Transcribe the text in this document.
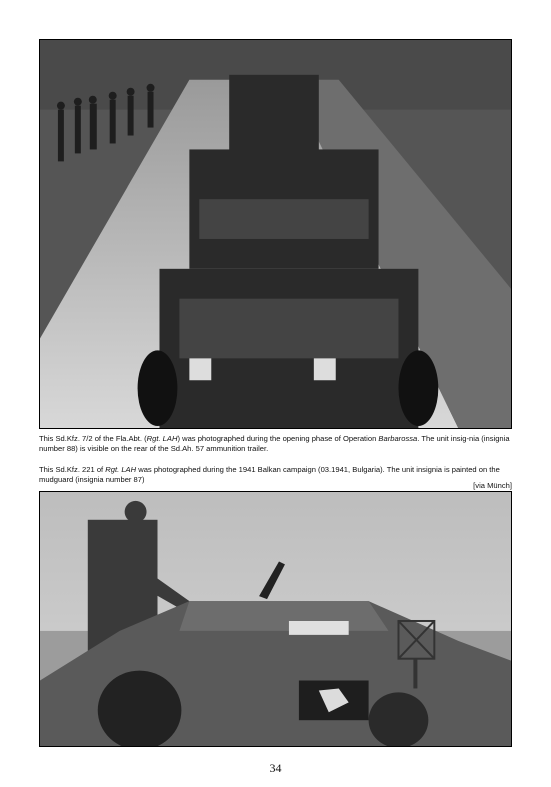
This Sd.Kfz. 7/2 of the Fla.Abt. (Rgt. LAH) was photographed during the opening phase of Operation Barbarossa. The unit insig-nia (insignia number 88) is visible on the rear of the Sd.Ah. 57 ammunition trailer.
This Sd.Kfz. 221 of Rgt. LAH was photographed during the 1941 Balkan campaign (03.1941, Bulgaria). The unit insignia is painted on the mudguard (insignia number 87)
[via Münch]
34
